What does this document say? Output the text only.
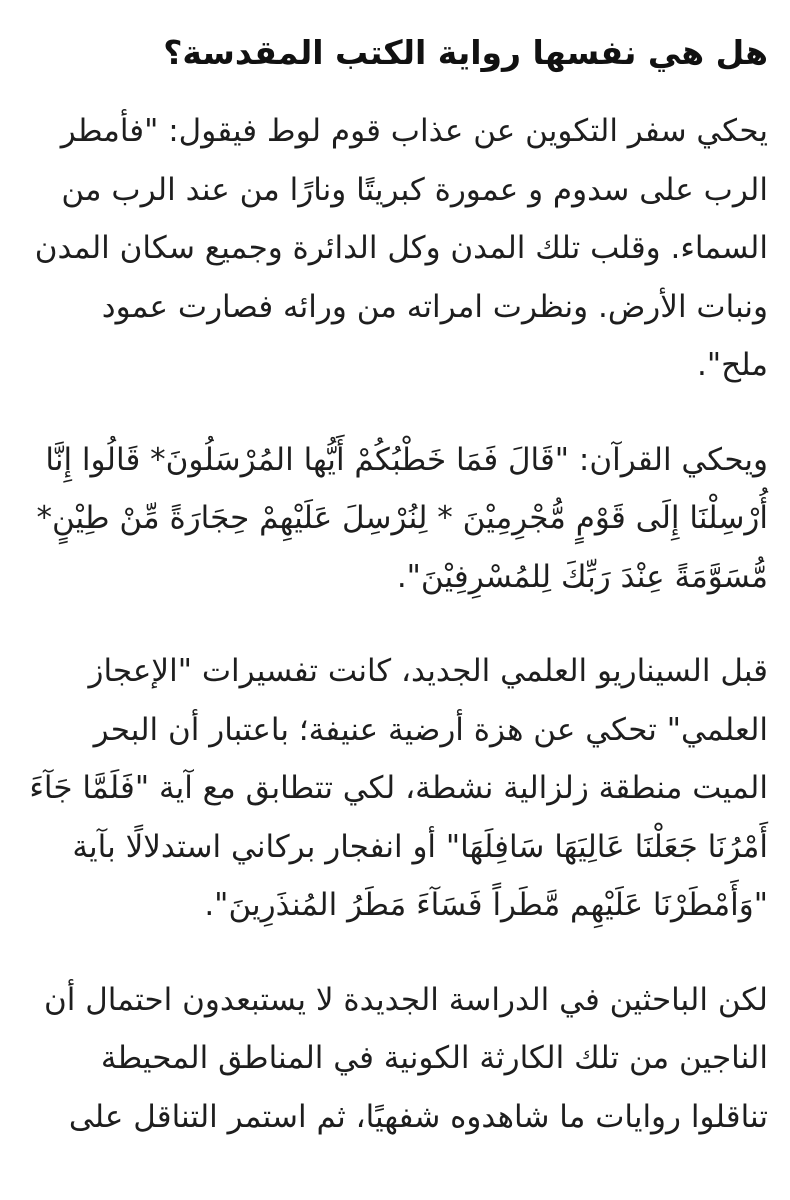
هل هي نفسها رواية الكتب المقدسة؟

يحكي سفر التكوين عن عذاب قوم لوط فيقول: "فأمطر الرب على سدوم و عمورة كبريتًا ونارًا من عند الرب من السماء. وقلب تلك المدن وكل الدائرة وجميع سكان المدن ونبات الأرض. ونظرت امراته من ورائه فصارت عمود ملح".

ويحكي القرآن: "قَالَ فَمَا خَطْبُكُمْ أَيُّها المُرْسَلُونَ* قَالُوا إِنَّا أُرْسِلْنَا إِلَى قَوْمٍ مُّجْرِمِيْنَ * لِنُرْسِلَ عَلَيْهِمْ حِجَارَةً مِّنْ طِيْنٍ* مُّسَوَّمَةً عِنْدَ رَبِّكَ لِلمُسْرِفِيْنَ".

قبل السيناريو العلمي الجديد، كانت تفسيرات "الإعجاز العلمي" تحكي عن هزة أرضية عنيفة؛ باعتبار أن البحر الميت منطقة زلزالية نشطة، لكي تتطابق مع آية "فَلَمَّا جَآءَ أَمْرُنَا جَعَلْنَا عَالِيَهَا سَافِلَهَا" أو انفجار بركاني استدلالًا بآية "وَأَمْطَرْنَا عَلَيْهِم مَّطَراً فَسَآءَ مَطَرُ المُنذَرِينَ".

لكن الباحثين في الدراسة الجديدة لا يستبعدون احتمال أن الناجين من تلك الكارثة الكونية في المناطق المحيطة تناقلوا روايات ما شاهدوه شفهيًا، ثم استمر التناقل على
